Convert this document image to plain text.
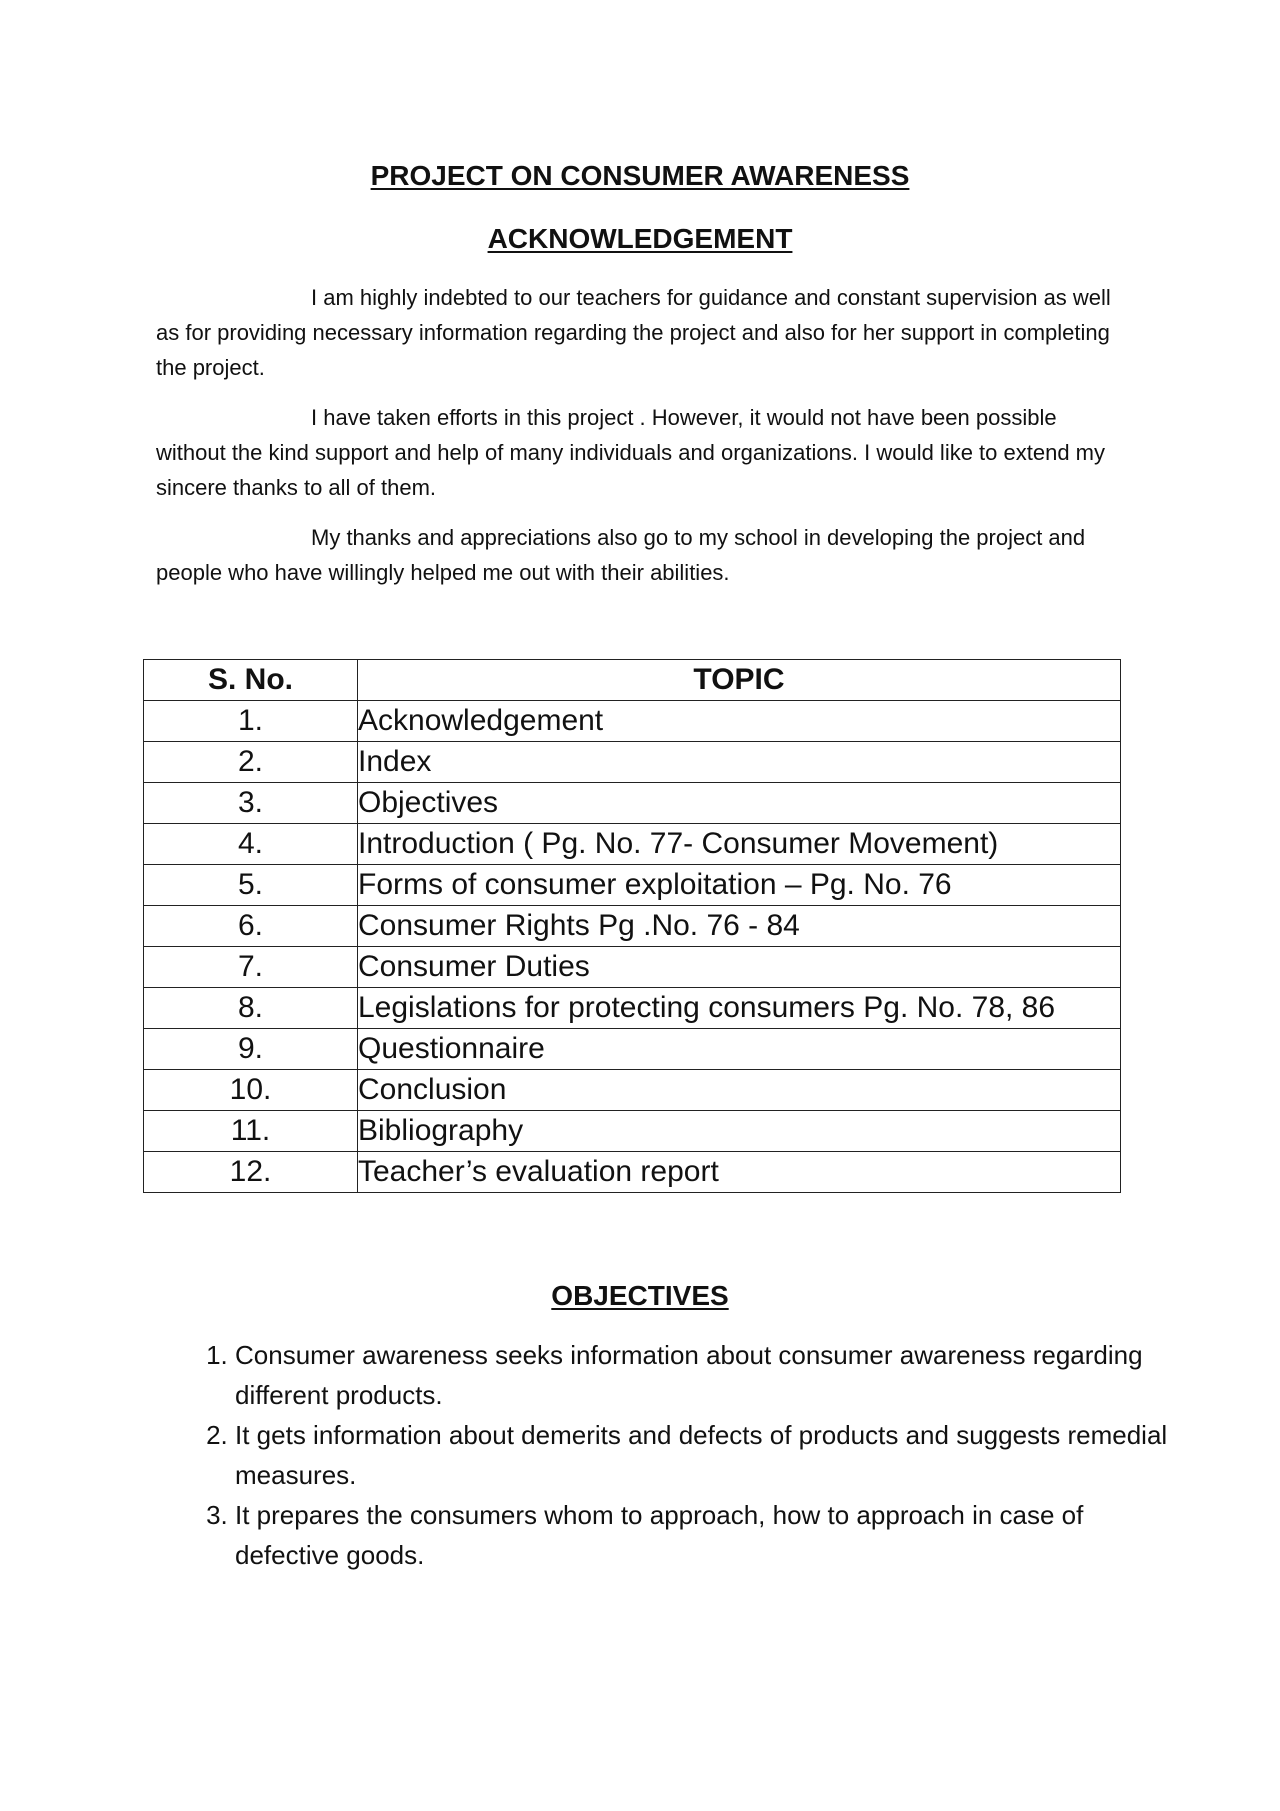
PROJECT ON CONSUMER AWARENESS
ACKNOWLEDGEMENT

I am highly indebted to our teachers for guidance and constant supervision as well as for providing necessary information regarding the project and also for her support in completing the project.

I have taken efforts in this project . However, it would not have been possible without the kind support and help of many individuals and organizations. I would like to extend my sincere thanks to all of them.

My thanks and appreciations also go to my school in developing the project and people who have willingly helped me out with their abilities.

S. No.	TOPIC
1.	Acknowledgement
2.	Index
3.	Objectives
4.	Introduction ( Pg. No. 77- Consumer Movement)
5.	Forms of consumer exploitation – Pg. No. 76
6.	Consumer Rights Pg .No. 76 - 84
7.	Consumer Duties
8.	Legislations for protecting consumers Pg. No. 78, 86
9.	Questionnaire
10.	Conclusion
11.	Bibliography
12.	Teacher’s evaluation report
OBJECTIVES
1. Consumer awareness seeks information about consumer awareness regarding different products.
2. It gets information about demerits and defects of products and suggests remedial measures.
3. It prepares the consumers whom to approach, how to approach in case of defective goods.
